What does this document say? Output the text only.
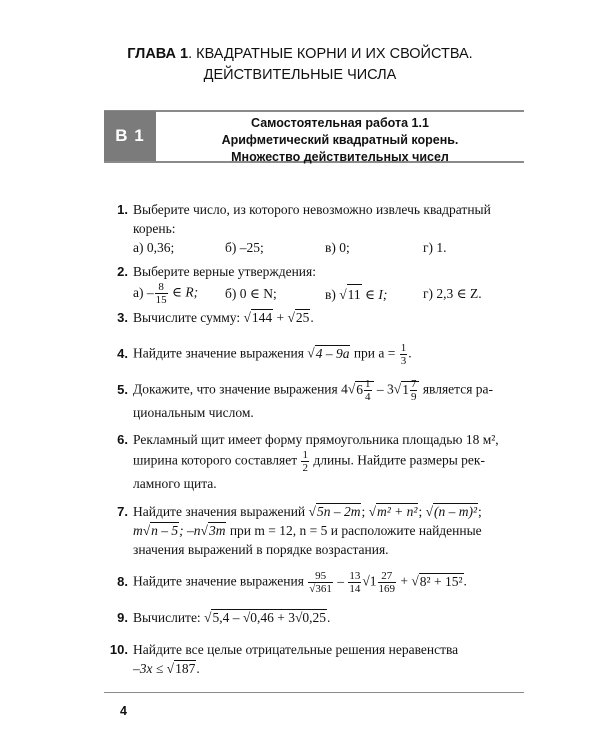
ГЛАВА 1. КВАДРАТНЫЕ КОРНИ И ИХ СВОЙСТВА.
ДЕЙСТВИТЕЛЬНЫЕ ЧИСЛА
В 1
Самостоятельная работа 1.1
Арифметический квадратный корень.
Множество действительных чисел
1. Выберите число, из которого невозможно извлечь квадратный
корень:
а) 0,36;	б) –25;	в) 0;	г) 1.
2. Выберите верные утверждения:
$а) - \frac{8}{15}$ ∈ R;	б) 0 ∈ N;	в) √11 ∈ I;	г) 2,3 ∈ Z.
3. Вычислите сумму: √144 + √25.
4. Найдите значение выражения √4 – 9a при $a = \frac{1}{3}$ .
5. Докажите, что значение выражения $4√6 \frac{1}{4} - 3√1 \frac{7}{9}$ является ра-
циональным числом.
6. Рекламный щит имеет форму прямоугольника площадью 18 м²,
ширина которого составляет $\frac{1}{2}$ длины. Найдите размеры рек-
ламного щита.
7. Найдите значения выражений √5n – 2m; √m² + n²; √(n – m)²;
m√n – 5; –n√3m при m = 12, n = 5 и расположите найденные
значения выражений в порядке возрастания.
8. Найдите значение выражения $\frac{95}{√361} - \frac{13}{14} √1 \frac{27}{169} + √8^2 + 15^2$.
9. Вычислите: √5,4 – √0,46 + 3√0,25.
10. Найдите все целые отрицательные решения неравенства
–3x ≤ √187.
4
